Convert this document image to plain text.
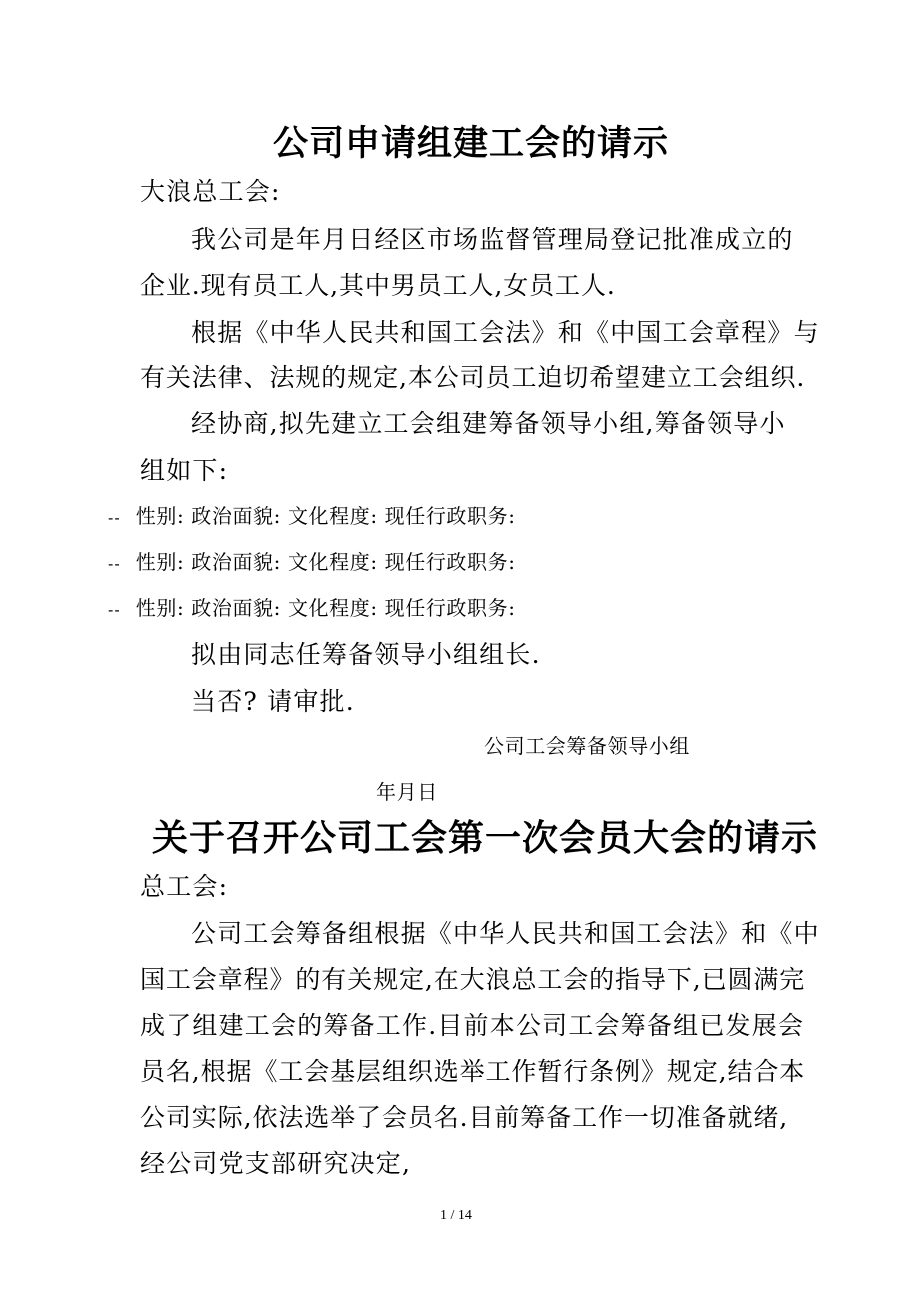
公司申请组建工会的请示
大浪总工会:
我公司是年月日经区市场监督管理局登记批准成立的
企业.现有员工人,其中男员工人,女员工人.
根据《中华人民共和国工会法》和《中国工会章程》与
有关法律、法规的规定,本公司员工迫切希望建立工会组织.
经协商,拟先建立工会组建筹备领导小组,筹备领导小
组如下:
-- 性别: 政治面貌: 文化程度: 现任行政职务:
-- 性别: 政治面貌: 文化程度: 现任行政职务:
-- 性别: 政治面貌: 文化程度: 现任行政职务:
拟由同志任筹备领导小组组长.
当否? 请审批.
公司工会筹备领导小组
年月日
关于召开公司工会第一次会员大会的请示
总工会:
公司工会筹备组根据《中华人民共和国工会法》和《中
国工会章程》的有关规定,在大浪总工会的指导下,已圆满完
成了组建工会的筹备工作.目前本公司工会筹备组已发展会
员名,根据《工会基层组织选举工作暂行条例》规定,结合本
公司实际,依法选举了会员名.目前筹备工作一切准备就绪,
经公司党支部研究决定,
1 / 14
